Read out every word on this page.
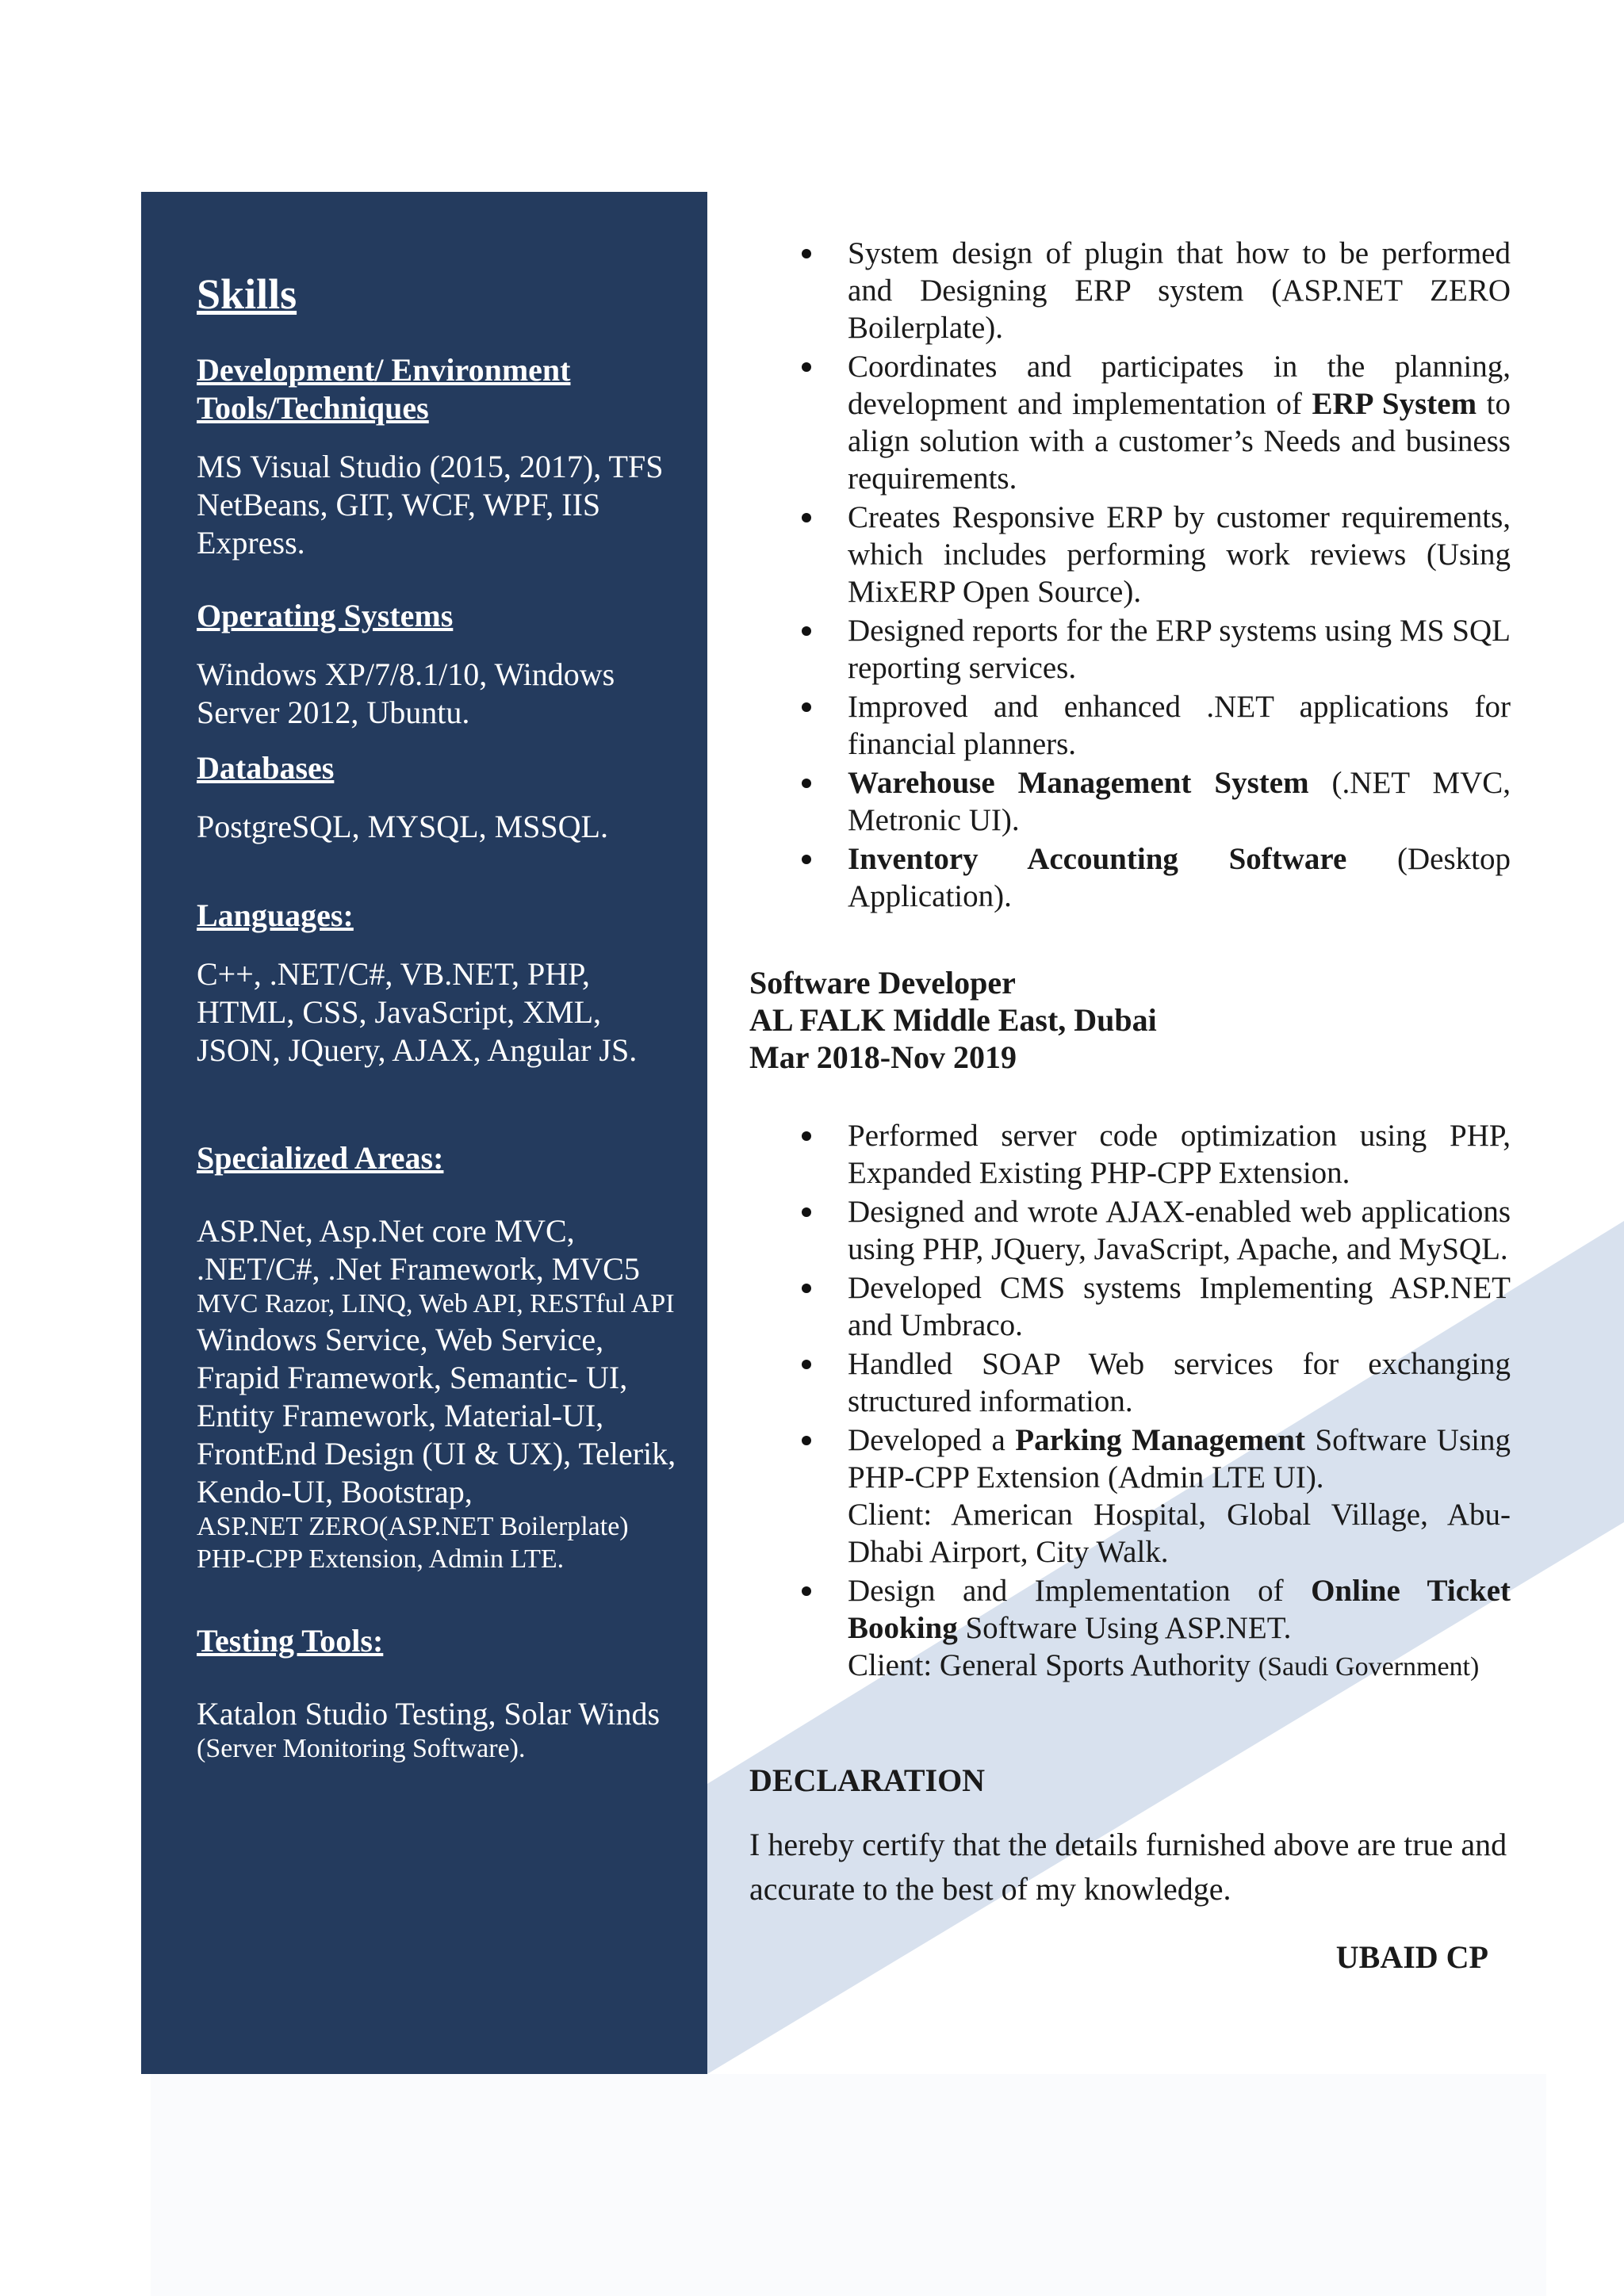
Skills
Development/ Environment Tools/Techniques
MS Visual Studio (2015, 2017), TFS NetBeans, GIT, WCF, WPF, IIS Express.
Operating Systems
Windows XP/7/8.1/10, Windows Server 2012, Ubuntu.
Databases
PostgreSQL, MYSQL, MSSQL.
Languages:
C++, .NET/C#, VB.NET, PHP, HTML, CSS, JavaScript, XML, JSON, JQuery, AJAX, Angular JS.
Specialized Areas:
ASP.Net, Asp.Net core MVC, .NET/C#, .Net Framework, MVC5
MVC Razor, LINQ, Web API, RESTful API
Windows Service, Web Service, Frapid Framework, Semantic- UI, Entity Framework, Material-UI, FrontEnd Design (UI & UX), Telerik, Kendo-UI, Bootstrap,
ASP.NET ZERO(ASP.NET Boilerplate) PHP-CPP Extension, Admin LTE.
Testing Tools:
Katalon Studio Testing, Solar Winds
(Server Monitoring Software).
System design of plugin that how to be performed and Designing ERP system (ASP.NET ZERO Boilerplate).
Coordinates and participates in the planning, development and implementation of ERP System to align solution with a customer’s Needs and business requirements.
Creates Responsive ERP by customer requirements, which includes performing work reviews (Using MixERP Open Source).
Designed reports for the ERP systems using MS SQL reporting services.
Improved and enhanced .NET applications for financial planners.
Warehouse Management System (.NET MVC, Metronic UI).
Inventory Accounting Software (Desktop Application).
Software Developer
AL FALK Middle East, Dubai
Mar 2018-Nov 2019
Performed server code optimization using PHP, Expanded Existing PHP-CPP Extension.
Designed and wrote AJAX-enabled web applications using PHP, JQuery, JavaScript, Apache, and MySQL.
Developed CMS systems Implementing ASP.NET and Umbraco.
Handled SOAP Web services for exchanging structured information.
Developed a Parking Management Software Using PHP-CPP Extension (Admin LTE UI).
Client: American Hospital, Global Village, Abu-Dhabi Airport, City Walk.
Design and Implementation of Online Ticket Booking Software Using ASP.NET.
Client: General Sports Authority (Saudi Government)
DECLARATION

I hereby certify that the details furnished above are true and accurate to the best of my knowledge.

UBAID CP
